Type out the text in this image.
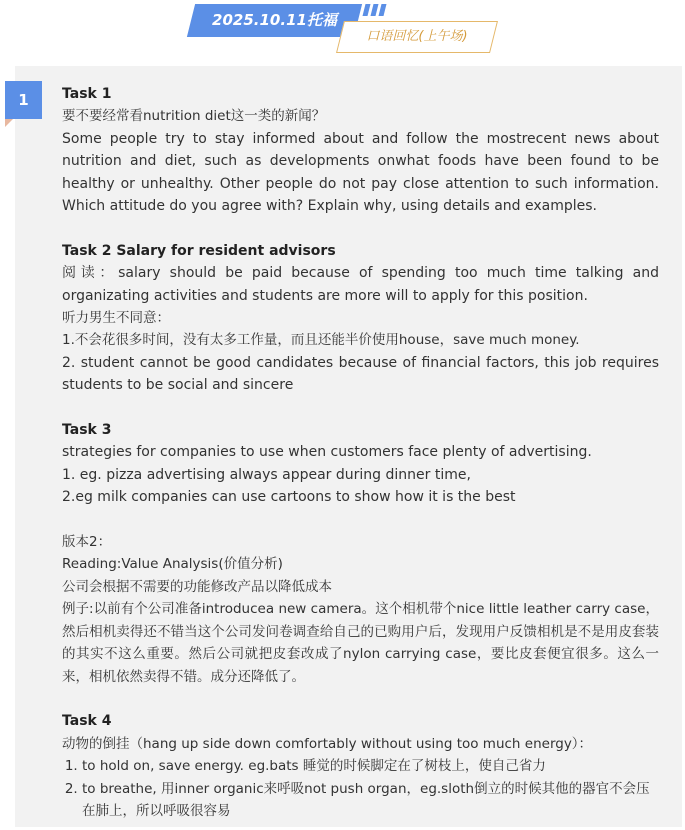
2025.10.11托福
口语回忆(上午场)
1	Task 1

要不要经常看nutrition diet这一类的新闻？

Some people try to stay informed about and follow the mostrecent news about nutrition and diet, such as developments onwhat foods have been found to be healthy or unhealthy. Other people do not pay close attention to such information. Which attitude do you agree with? Explain why, using details and examples.

Task 2 Salary for resident advisors

阅读：salary should be paid because of spending too much time talking and organizating activities and students are more will to apply for this position.

听力男生不同意：

1.不会花很多时间，没有太多工作量，而且还能半价使用house，save much money.

2. student cannot be good candidates because of financial factors, this job requires students to be social and sincere

Task 3

strategies for companies to use when customers face plenty of advertising.

1. eg. pizza advertising always appear during dinner time,

2.eg milk companies can use cartoons to show how it is the best

版本2：

Reading:Value Analysis(价值分析)

公司会根据不需要的功能修改产品以降低成本

例子:以前有个公司准备introducea new camera。这个相机带个nice little leather carry case，然后相机卖得还不错当这个公司发问卷调查给自己的已购用户后，发现用户反馈相机是不是用皮套装的其实不这么重要。然后公司就把皮套改成了nylon carrying case，要比皮套便宜很多。这么一来，相机依然卖得不错。成分还降低了。

Task 4

动物的倒挂（hang up side down comfortably without using too much energy）：

1. to hold on, save energy. eg.bats 睡觉的时候脚定在了树枝上，使自己省力
2. to breathe, 用inner organic来呼吸not push organ，eg.sloth倒立的时候其他的器官不会压在肺上，所以呼吸很容易
